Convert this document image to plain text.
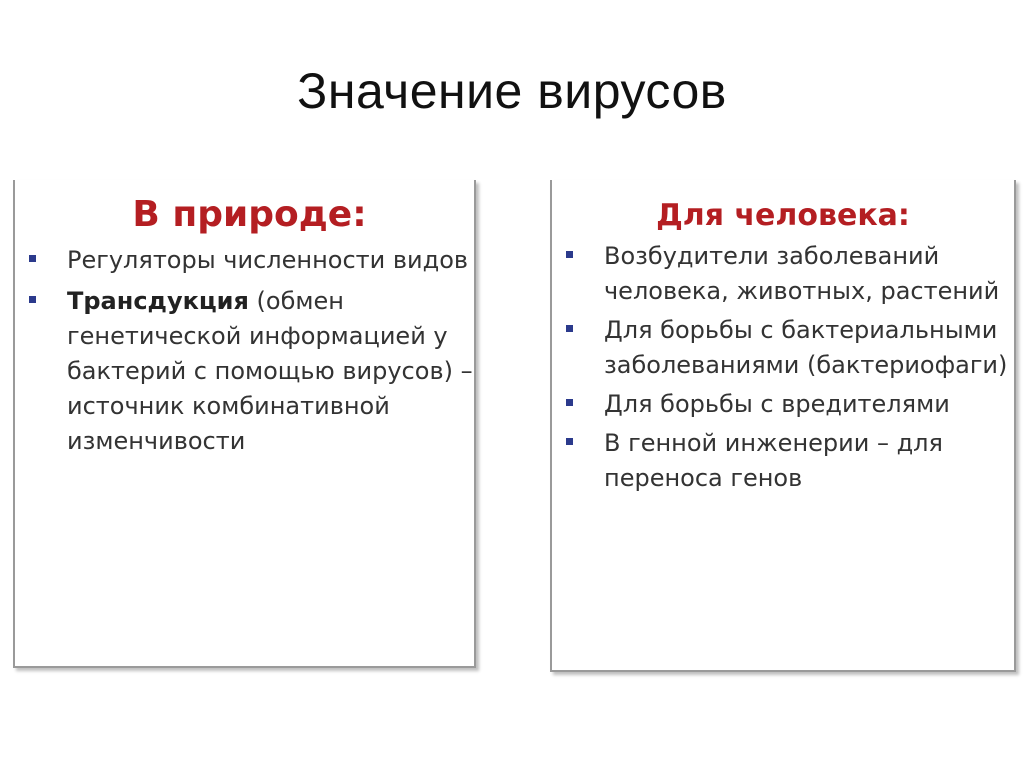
Значение вирусов
В природе:
Регуляторы численности видов
Трансдукция (обмен генетической информацией у бактерий с помощью вирусов) – источник комбинативной изменчивости
Для человека:
Возбудители заболеваний человека, животных, растений
Для борьбы с бактериальными заболеваниями (бактериофаги)
Для борьбы с вредителями
В генной инженерии – для переноса генов
